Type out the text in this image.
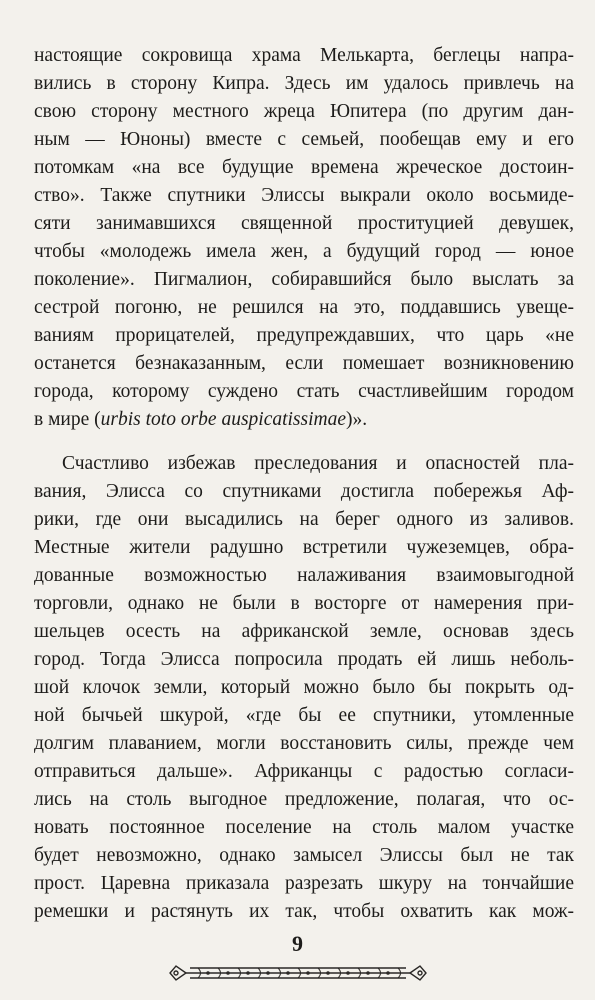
настоящие сокровища храма Мелькарта, беглецы напра-
вились в сторону Кипра. Здесь им удалось привлечь на
свою сторону местного жреца Юпитера (по другим дан-
ным — Юноны) вместе с семьей, пообещав ему и его
потомкам «на все будущие времена жреческое достоин-
ство». Также спутники Элиссы выкрали около восьмиде-
сяти занимавшихся священной проституцией девушек,
чтобы «молодежь имела жен, а будущий город — юное
поколение». Пигмалион, собиравшийся было выслать за
сестрой погоню, не решился на это, поддавшись увеще-
ваниям прорицателей, предупреждавших, что царь «не
останется безнаказанным, если помешает возникновению
города, которому суждено стать счастливейшим городом
в мире (urbis toto orbe auspicatissimae)».
Счастливо избежав преследования и опасностей пла-
вания, Элисса со спутниками достигла побережья Аф-
рики, где они высадились на берег одного из заливов.
Местные жители радушно встретили чужеземцев, обра-
дованные возможностью налаживания взаимовыгодной
торговли, однако не были в восторге от намерения при-
шельцев осесть на африканской земле, основав здесь
город. Тогда Элисса попросила продать ей лишь неболь-
шой клочок земли, который можно было бы покрыть од-
ной бычьей шкурой, «где бы ее спутники, утомленные
долгим плаванием, могли восстановить силы, прежде чем
отправиться дальше». Африканцы с радостью согласи-
лись на столь выгодное предложение, полагая, что ос-
новать постоянное поселение на столь малом участке
будет невозможно, однако замысел Элиссы был не так
прост. Царевна приказала разрезать шкуру на тончайшие
ремешки и растянуть их так, чтобы охватить как мож-
9
